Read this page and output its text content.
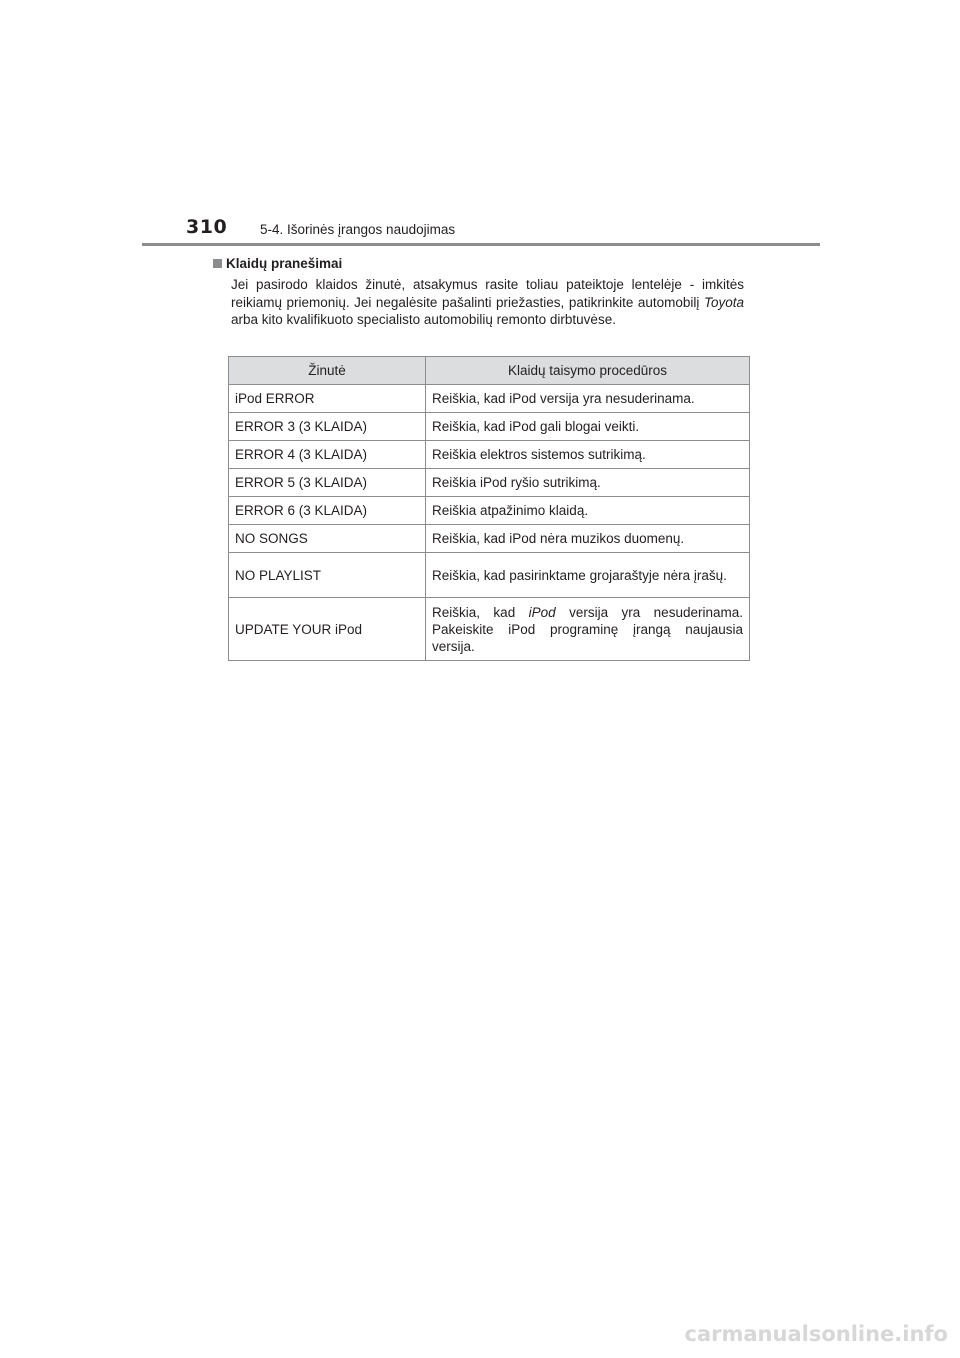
310 5-4. Išorinės įrangos naudojimas
Klaidų pranešimai
Jei pasirodo klaidos žinutė, atsakymus rasite toliau pateiktoje lentelėje - imkitės reikiamų priemonių. Jei negalėsite pašalinti priežasties, patikrinkite automobilį Toyota arba kito kvalifikuoto specialisto automobilių remonto dirbtuvėse.
Žinutė	Klaidų taisymo procedūros
iPod ERROR	Reiškia, kad iPod versija yra nesuderinama.
ERROR 3 (3 KLAIDA)	Reiškia, kad iPod gali blogai veikti.
ERROR 4 (3 KLAIDA)	Reiškia elektros sistemos sutrikimą.
ERROR 5 (3 KLAIDA)	Reiškia iPod ryšio sutrikimą.
ERROR 6 (3 KLAIDA)	Reiškia atpažinimo klaidą.
NO SONGS	Reiškia, kad iPod nėra muzikos duomenų.
NO PLAYLIST	Reiškia, kad pasirinktame grojaraštyje nėra įrašų.
UPDATE YOUR iPod	Reiškia, kad iPod versija yra nesuderinama. Pakeiskite iPod programinę įrangą naujausia versija.
carmanualsonline.info
